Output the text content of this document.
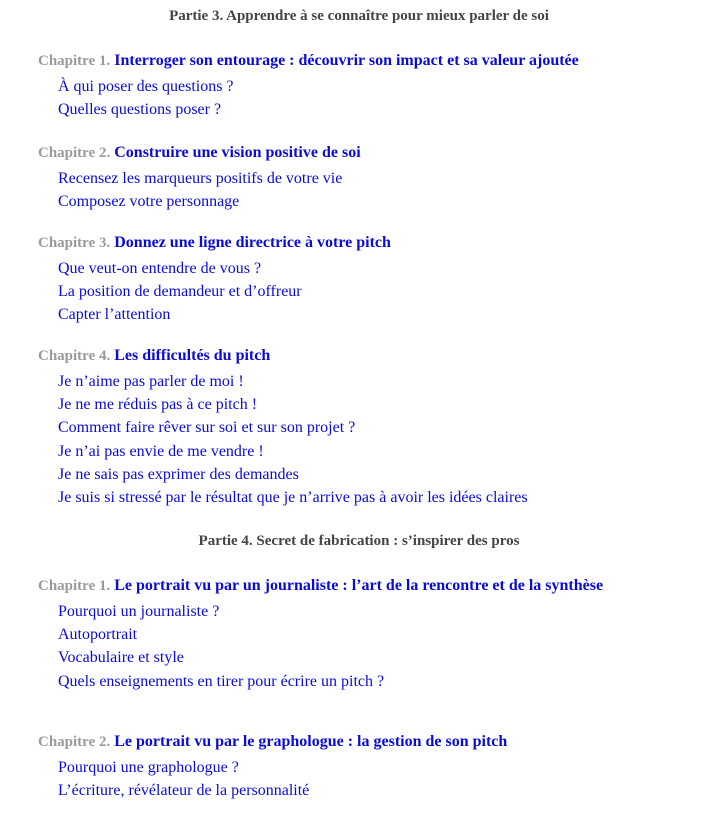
Partie 3. Apprendre à se connaître pour mieux parler de soi

Chapitre 1. Interroger son entourage : découvrir son impact et sa valeur ajoutée

À qui poser des questions ?
Quelles questions poser ?

Chapitre 2. Construire une vision positive de soi

Recensez les marqueurs positifs de votre vie
Composez votre personnage

Chapitre 3. Donnez une ligne directrice à votre pitch

Que veut-on entendre de vous ?
La position de demandeur et d’offreur
Capter l’attention

Chapitre 4. Les difficultés du pitch

Je n’aime pas parler de moi !
Je ne me réduis pas à ce pitch !
Comment faire rêver sur soi et sur son projet ?
Je n’ai pas envie de me vendre !
Je ne sais pas exprimer des demandes
Je suis si stressé par le résultat que je n’arrive pas à avoir les idées claires

Partie 4. Secret de fabrication : s’inspirer des pros

Chapitre 1. Le portrait vu par un journaliste : l’art de la rencontre et de la synthèse

Pourquoi un journaliste ?
Autoportrait
Vocabulaire et style
Quels enseignements en tirer pour écrire un pitch ?

Chapitre 2. Le portrait vu par le graphologue : la gestion de son pitch

Pourquoi une graphologue ?
L’écriture, révélateur de la personnalité
